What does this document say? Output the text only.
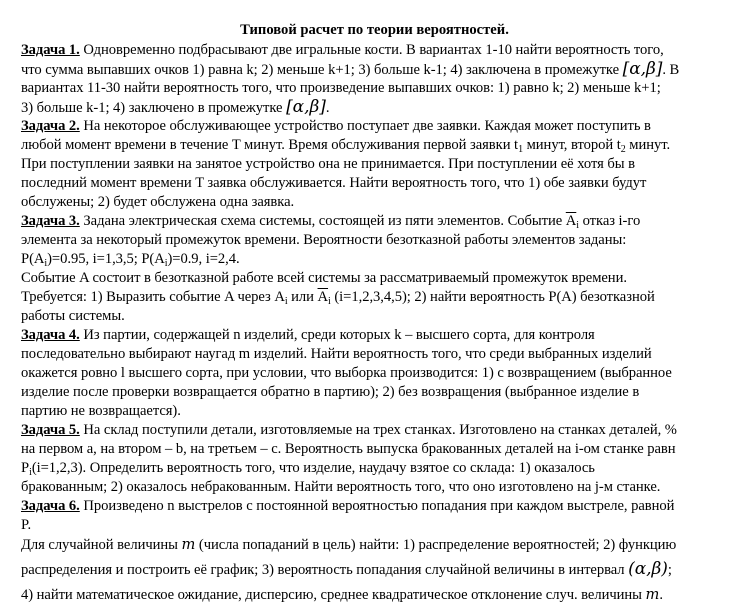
Типовой расчет по теории вероятностей.
Задача 1. Одновременно подбрасывают две игральные кости. В вариантах 1-10 найти вероятность того,
что сумма выпавших очков 1) равна k; 2) меньше k+1; 3) больше k-1; 4) заключена в промежутке [α,β]. В
вариантах 11-30 найти вероятность того, что произведение выпавших очков: 1) равно k; 2) меньше k+1;
3) больше k-1; 4) заключено в промежутке [α,β].
Задача 2. На некоторое обслуживающее устройство поступает две заявки. Каждая может поступить в
любой момент времени в течение T минут. Время обслуживания первой заявки $t_1$ минут, второй $t_2$ минут.
При поступлении заявки на занятое устройство она не принимается. При поступлении её хотя бы в
последний момент времени T заявка обслуживается. Найти вероятность того, что 1) обе заявки будут
обслужены; 2) будет обслужена одна заявка.
Задача 3. Задана электрическая схема системы, состоящей из пяти элементов. Событие $\overline{A}_i$ отказ i-го
элемента за некоторый промежуток времени. Вероятности безотказной работы элементов заданы:
$P(A_i)=0.95$, i=1,3,5; $P(A_i)=0.9$, i=2,4.
Событие A состоит в безотказной работе всей системы за рассматриваемый промежуток времени.
Требуется: 1) Выразить событие A через $A_i$ или $\overline{A}_i$ (i=1,2,3,4,5); 2) найти вероятность P(A) безотказной
работы системы.
Задача 4. Из партии, содержащей n изделий, среди которых k – высшего сорта, для контроля
последовательно выбирают наугад m изделий. Найти вероятность того, что среди выбранных изделий
окажется ровно l высшего сорта, при условии, что выборка производится: 1) с возвращением (выбранное
изделие после проверки возвращается обратно в партию); 2) без возвращения (выбранное изделие в
партию не возвращается).
Задача 5. На склад поступили детали, изготовляемые на трех станках. Изготовлено на станках деталей, %
на первом a, на втором – b, на третьем – c. Вероятность выпуска бракованных деталей на i-ом станке равн
$P_i(i=1,2,3)$. Определить вероятность того, что изделие, наудачу взятое со склада: 1) оказалось
бракованным; 2) оказалось небракованным. Найти вероятность того, что оно изготовлено на j-м станке.
Задача 6. Произведено n выстрелов с постоянной вероятностью попадания при каждом выстреле, равной
P.
Для случайной величины m (числа попаданий в цель) найти: 1) распределение вероятностей; 2) функцию
распределения и построить её график; 3) вероятность попадания случайной величины в интервал (α,β);
4) найти математическое ожидание, дисперсию, среднее квадратическое отклонение случ. величины m.
